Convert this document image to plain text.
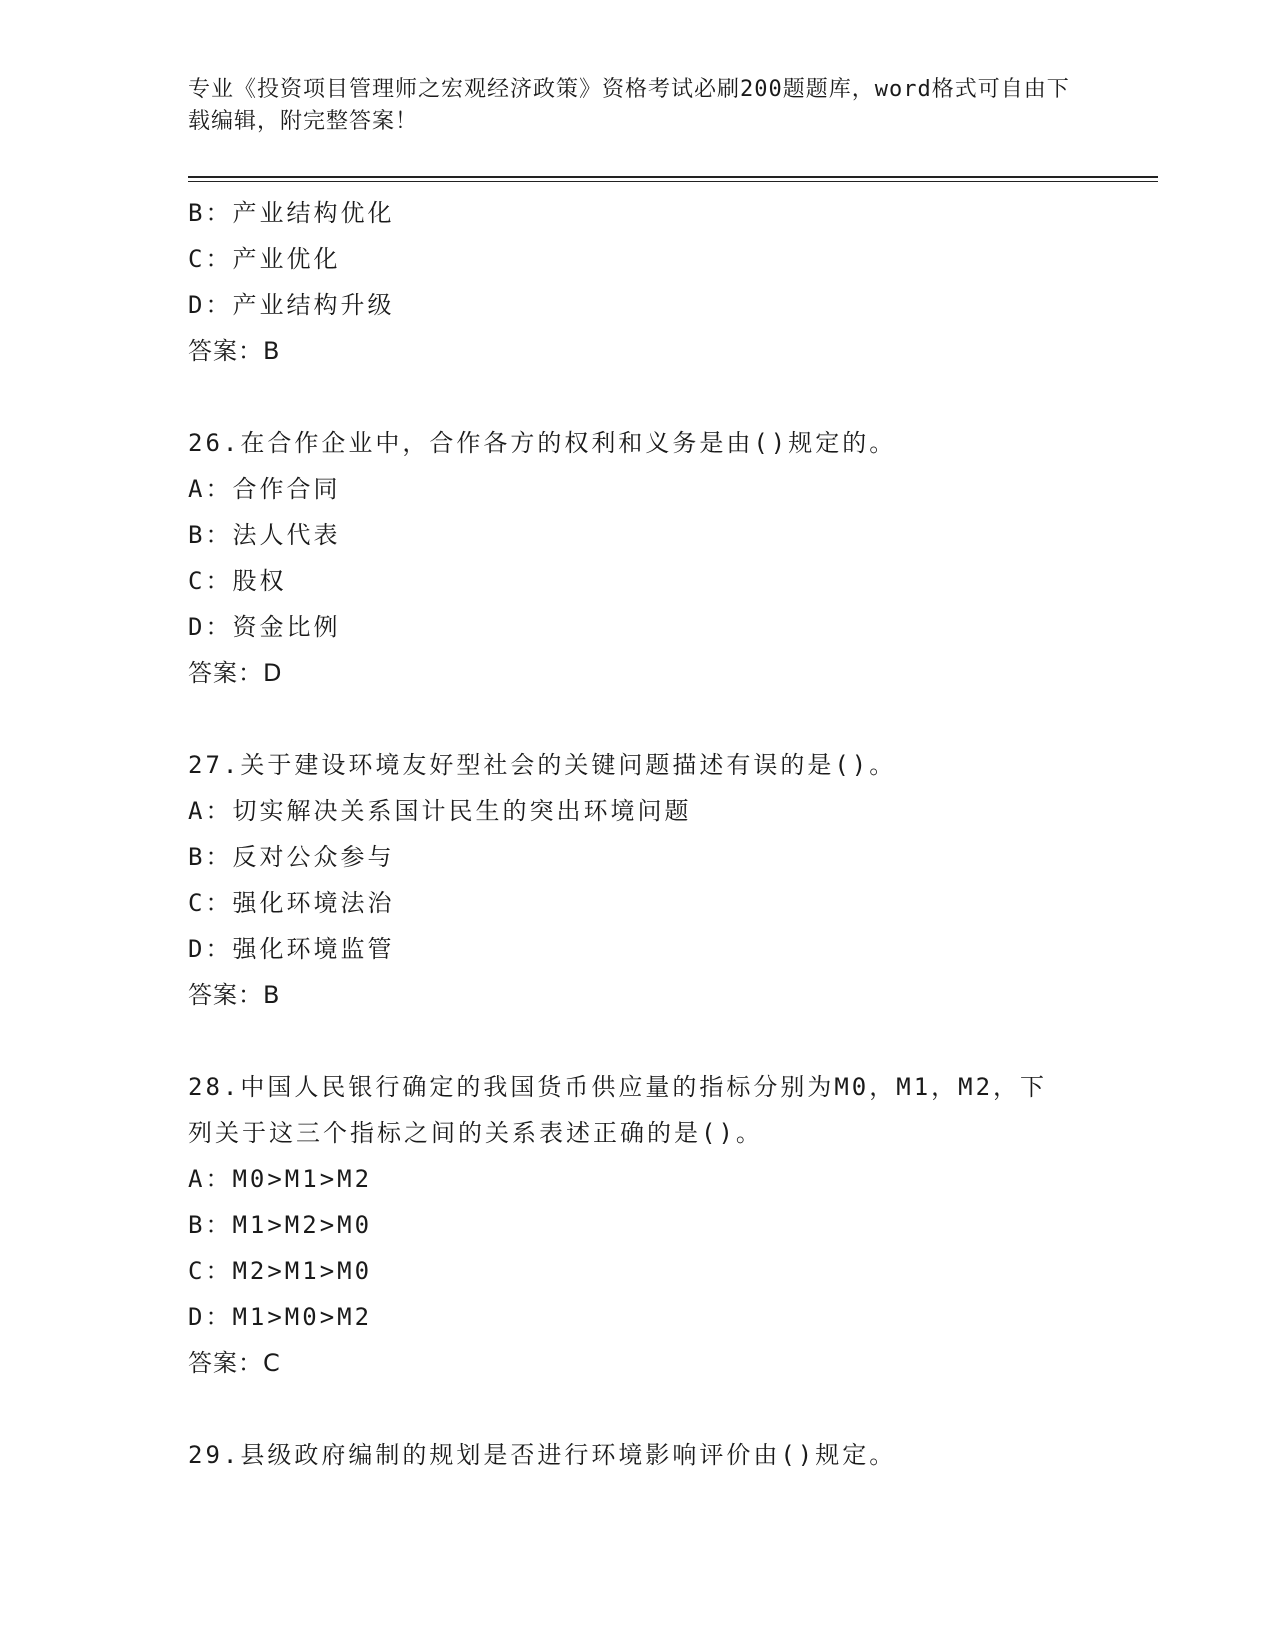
专业《投资项目管理师之宏观经济政策》资格考试必刷200题题库，word格式可自由下载编辑，附完整答案！
B：产业结构优化
C：产业优化
D：产业结构升级
答案：B
26.在合作企业中，合作各方的权利和义务是由()规定的。
A：合作合同
B：法人代表
C：股权
D：资金比例
答案：D
27.关于建设环境友好型社会的关键问题描述有误的是()。
A：切实解决关系国计民生的突出环境问题
B：反对公众参与
C：强化环境法治
D：强化环境监管
答案：B
28.中国人民银行确定的我国货币供应量的指标分别为M0，M1，M2，下
列关于这三个指标之间的关系表述正确的是()。
A：M0>M1>M2
B：M1>M2>M0
C：M2>M1>M0
D：M1>M0>M2
答案：C
29.县级政府编制的规划是否进行环境影响评价由()规定。
